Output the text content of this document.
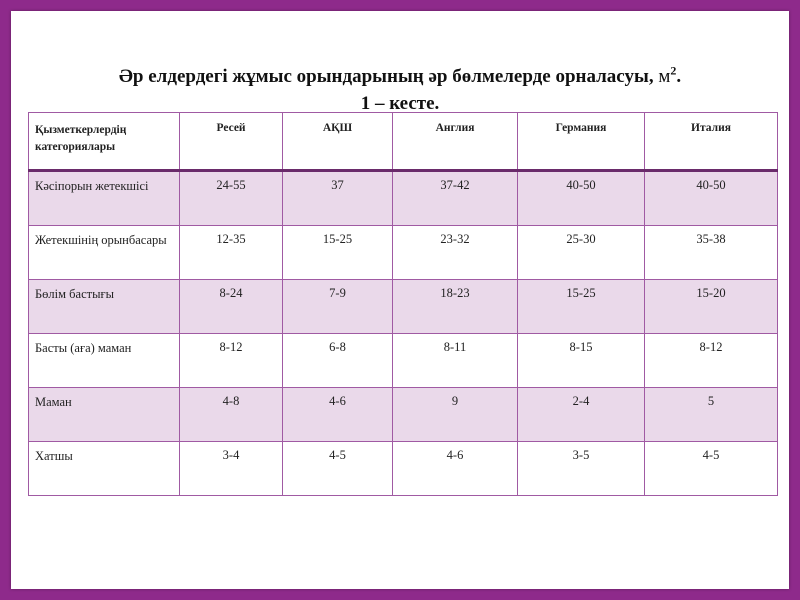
Әр елдердегі жұмыс орындарының әр бөлмелерде орналасуы, $м^2$.
1 – кесте.
Қызметкерлердің категориялары	Ресей	АҚШ	Англия	Германия	Италия
Кәсіпорын жетекшісі	24-55	37	37-42	40-50	40-50
Жетекшінің орынбасары	12-35	15-25	23-32	25-30	35-38
Бөлім бастығы	8-24	7-9	18-23	15-25	15-20
Басты (аға) маман	8-12	6-8	8-11	8-15	8-12
Маман	4-8	4-6	9	2-4	5
Хатшы	3-4	4-5	4-6	3-5	4-5
